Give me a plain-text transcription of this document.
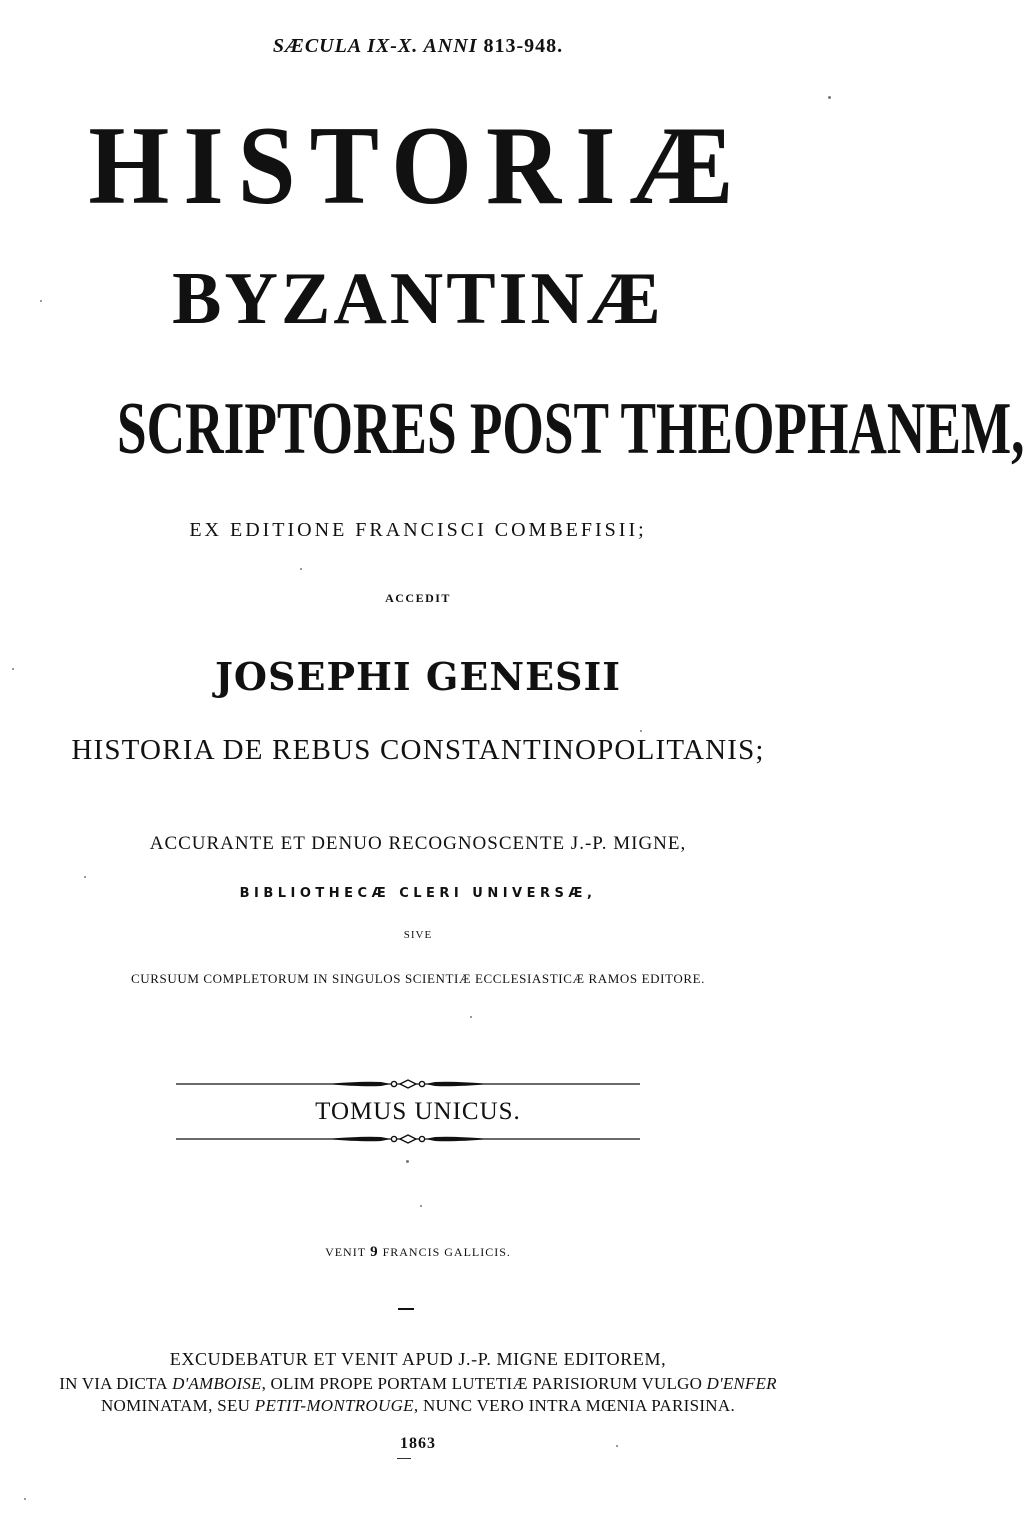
SÆCULA IX-X. ANNI 813-948.
HISTORIÆ
BYZANTINÆ
SCRIPTORES POST THEOPHANEM,
EX EDITIONE FRANCISCI COMBEFISII;
ACCEDIT
JOSEPHI GENESII
HISTORIA DE REBUS CONSTANTINOPOLITANIS;
ACCURANTE ET DENUO RECOGNOSCENTE J.-P. MIGNE,
BIBLIOTHECÆ CLERI UNIVERSÆ,
SIVE
CURSUUM COMPLETORUM IN SINGULOS SCIENTIÆ ECCLESIASTICÆ RAMOS EDITORE.
TOMUS UNICUS.
VENIT 9 FRANCIS GALLICIS.
EXCUDEBATUR ET VENIT APUD J.-P. MIGNE EDITOREM,
IN VIA DICTA D'AMBOISE, OLIM PROPE PORTAM LUTETIÆ PARISIORUM VULGO D'ENFER
NOMINATAM, SEU PETIT-MONTROUGE, NUNC VERO INTRA MŒNIA PARISINA.
1863
